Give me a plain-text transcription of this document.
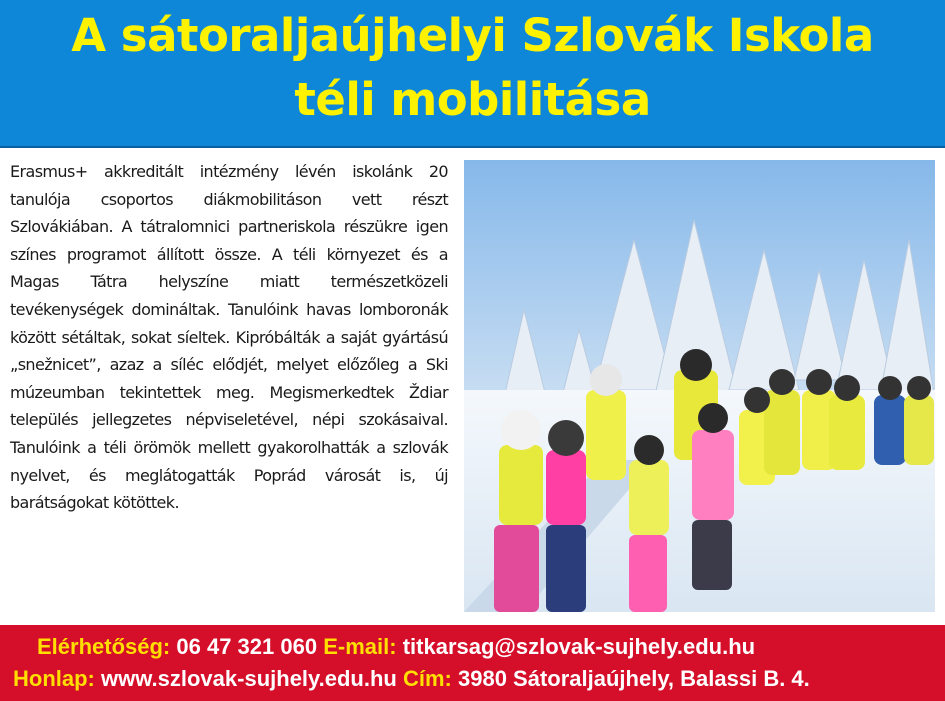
A sátoraljaújhelyi Szlovák Iskola
téli mobilitása

Erasmus+ akkreditált intézmény lévén iskolánk 20 tanulója csoportos diákmobilitáson vett részt Szlovákiában. A tátralomnici partneriskola részükre igen színes programot állított össze. A téli környezet és a Magas Tátra helyszíne miatt természetközeli tevékenységek domináltak. Tanulóink havas lomboronák között sétáltak, sokat síeltek. Kipróbálták a saját gyártású „snežnicet”, azaz a síléc elődjét, melyet előzőleg a Ski múzeumban tekintettek meg. Megismerkedtek Ždiar település jellegzetes népviseletével, népi szokásaival. Tanulóink a téli örömök mellett gyakorolhatták a szlovák nyelvet, és meglátogatták Poprád városát is, új barátságokat kötöttek.

Elérhetőség: 06 47 321 060 E-mail: titkarsag@szlovak-sujhely.edu.hu
Honlap: www.szlovak-sujhely.edu.hu Cím: 3980 Sátoraljaújhely, Balassi B. 4.
